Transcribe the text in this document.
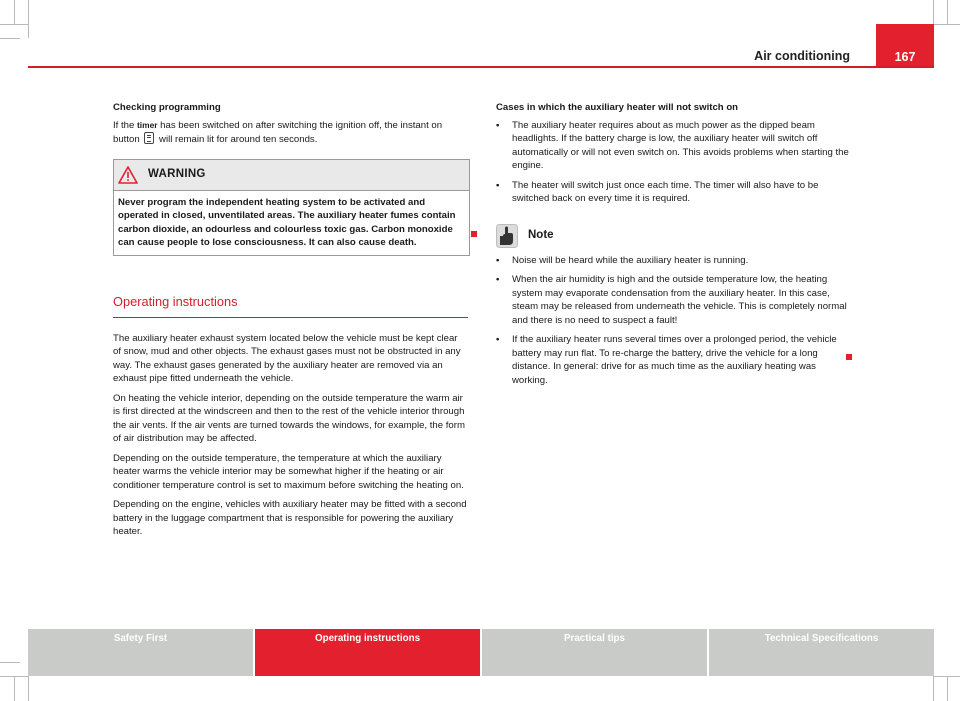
Air conditioning	167

Checking programming

If the timer has been switched on after switching the ignition off, the instant on button  will remain lit for around ten seconds.

WARNING
Never program the independent heating system to be activated and operated in closed, unventilated areas. The auxiliary heater fumes contain carbon dioxide, an odourless and colourless toxic gas. Carbon monoxide can cause people to lose consciousness. It can also cause death.

Operating instructions

The auxiliary heater exhaust system located below the vehicle must be kept clear of snow, mud and other objects. The exhaust gases must not be obstructed in any way. The exhaust gases generated by the auxiliary heater are removed via an exhaust pipe fitted underneath the vehicle.

On heating the vehicle interior, depending on the outside temperature the warm air is first directed at the windscreen and then to the rest of the vehicle interior through the air vents. If the air vents are turned towards the windows, for example, the form of air distribution may be affected.

Depending on the outside temperature, the temperature at which the auxiliary heater warms the vehicle interior may be somewhat higher if the heating or air conditioner temperature control is set to maximum before switching the heating on.

Depending on the engine, vehicles with auxiliary heater may be fitted with a second battery in the luggage compartment that is responsible for powering the auxiliary heater.

Cases in which the auxiliary heater will not switch on

•	The auxiliary heater requires about as much power as the dipped beam headlights. If the battery charge is low, the auxiliary heater will switch off automatically or will not even switch on. This avoids problems when starting the engine.

•	The heater will switch just once each time. The timer will also have to be switched back on every time it is required.

Note
•	Noise will be heard while the auxiliary heater is running.

•	When the air humidity is high and the outside temperature low, the heating system may evaporate condensation from the auxiliary heater. In this case, steam may be released from underneath the vehicle. This is completely normal and there is no need to suspect a fault!

•	If the auxiliary heater runs several times over a prolonged period, the vehicle battery may run flat. To re-charge the battery, drive the vehicle for a long distance. In general: drive for as much time as the auxiliary heating was working.

Safety First	Operating instructions	Practical tips	Technical Specifications
